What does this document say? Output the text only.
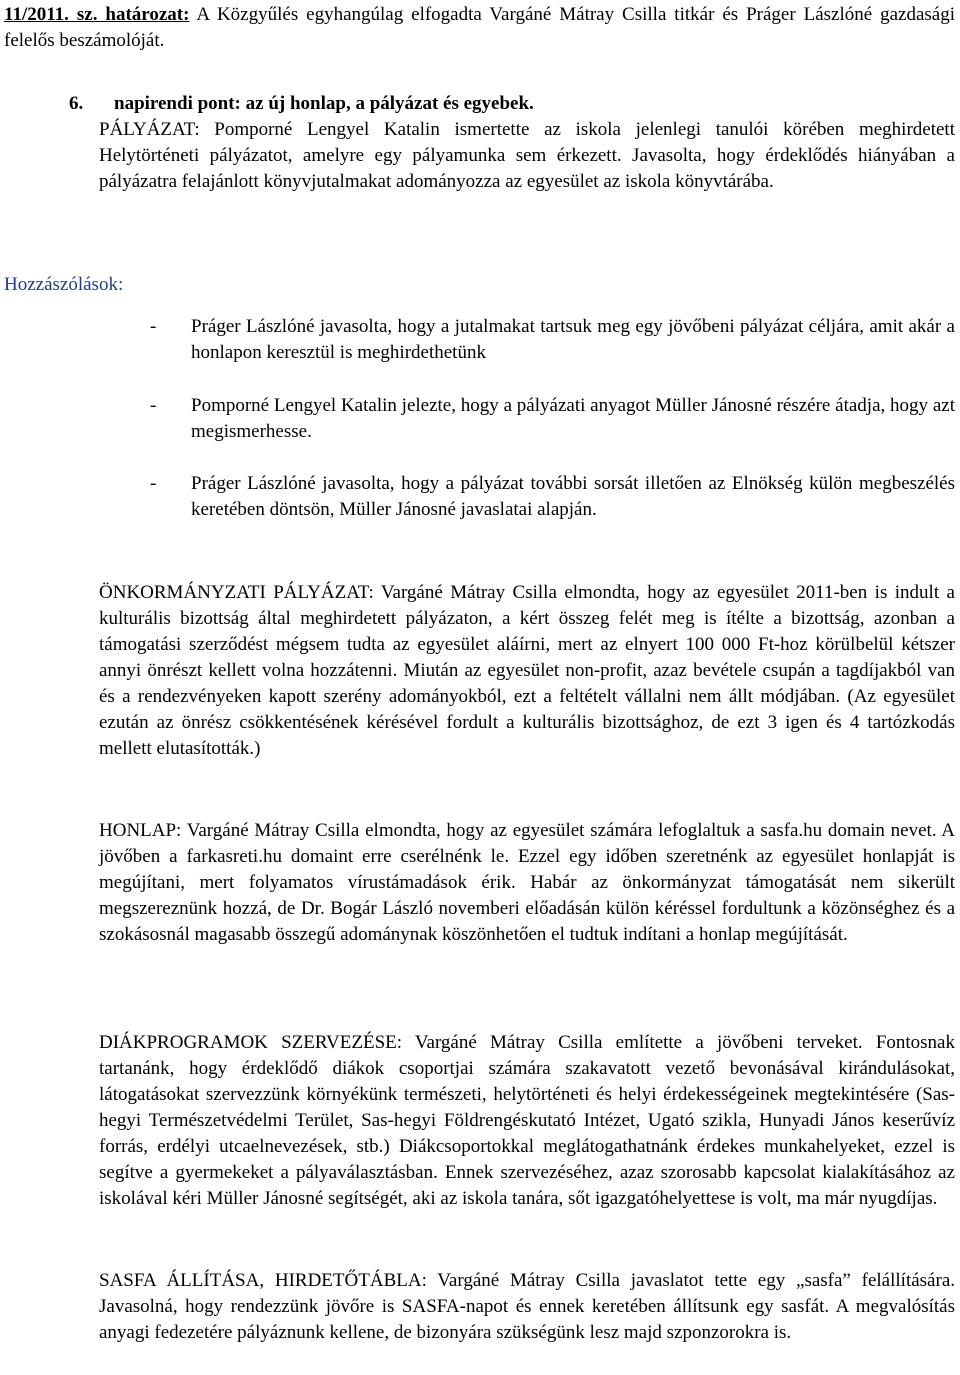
11/2011. sz. határozat: A Közgyűlés egyhangúlag elfogadta Vargáné Mátray Csilla titkár és Práger Lászlóné gazdasági felelős beszámolóját.
6. napirendi pont: az új honlap, a pályázat és egyebek.
PÁLYÁZAT: Pomporné Lengyel Katalin ismertette az iskola jelenlegi tanulói körében meghirdetett Helytörténeti pályázatot, amelyre egy pályamunka sem érkezett. Javasolta, hogy érdeklődés hiányában a pályázatra felajánlott könyvjutalmakat adományozza az egyesület az iskola könyvtárába.
Hozzászólások:
- Práger Lászlóné javasolta, hogy a jutalmakat tartsuk meg egy jövőbeni pályázat céljára, amit akár a honlapon keresztül is meghirdethetünk
- Pomporné Lengyel Katalin jelezte, hogy a pályázati anyagot Müller Jánosné részére átadja, hogy azt megismerhesse.
- Práger Lászlóné javasolta, hogy a pályázat további sorsát illetően az Elnökség külön megbeszélés keretében döntsön, Müller Jánosné javaslatai alapján.
ÖNKORMÁNYZATI PÁLYÁZAT: Vargáné Mátray Csilla elmondta, hogy az egyesület 2011-ben is indult a kulturális bizottság által meghirdetett pályázaton, a kért összeg felét meg is ítélte a bizottság, azonban a támogatási szerződést mégsem tudta az egyesület aláírni, mert az elnyert 100 000 Ft-hoz körülbelül kétszer annyi önrészt kellett volna hozzátenni. Miután az egyesület non-profit, azaz bevétele csupán a tagdíjakból van és a rendezvényeken kapott szerény adományokból, ezt a feltételt vállalni nem állt módjában. (Az egyesület ezután az önrész csökkentésének kérésével fordult a kulturális bizottsághoz, de ezt 3 igen és 4 tartózkodás mellett elutasították.)
HONLAP: Vargáné Mátray Csilla elmondta, hogy az egyesület számára lefoglaltuk a sasfa.hu domain nevet. A jövőben a farkasreti.hu domaint erre cserélnénk le. Ezzel egy időben szeretnénk az egyesület honlapját is megújítani, mert folyamatos vírustámadások érik. Habár az önkormányzat támogatását nem sikerült megszereznünk hozzá, de Dr. Bogár László novemberi előadásán külön kéréssel fordultunk a közönséghez és a szokásosnál magasabb összegű adománynak köszönhetően el tudtuk indítani a honlap megújítását.
DIÁKPROGRAMOK SZERVEZÉSE: Vargáné Mátray Csilla említette a jövőbeni terveket. Fontosnak tartanánk, hogy érdeklődő diákok csoportjai számára szakavatott vezető bevonásával kirándulásokat, látogatásokat szervezzünk környékünk természeti, helytörténeti és helyi érdekességeinek megtekintésére (Sas-hegyi Természetvédelmi Terület, Sas-hegyi Földrengéskutató Intézet, Ugató szikla, Hunyadi János keserűvíz forrás, erdélyi utcaelnevezések, stb.) Diákcsoportokkal meglátogathatnánk érdekes munkahelyeket, ezzel is segítve a gyermekeket a pályaválasztásban. Ennek szervezéséhez, azaz szorosabb kapcsolat kialakításához az iskolával kéri Müller Jánosné segítségét, aki az iskola tanára, sőt igazgatóhelyettese is volt, ma már nyugdíjas.
SASFA ÁLLÍTÁSA, HIRDETŐTÁBLA: Vargáné Mátray Csilla javaslatot tette egy „sasfa” felállítására. Javasolná, hogy rendezzünk jövőre is SASFA-napot és ennek keretében állítsunk egy sasfát. A megvalósítás anyagi fedezetére pályáznunk kellene, de bizonyára szükségünk lesz majd szponzorokra is.
